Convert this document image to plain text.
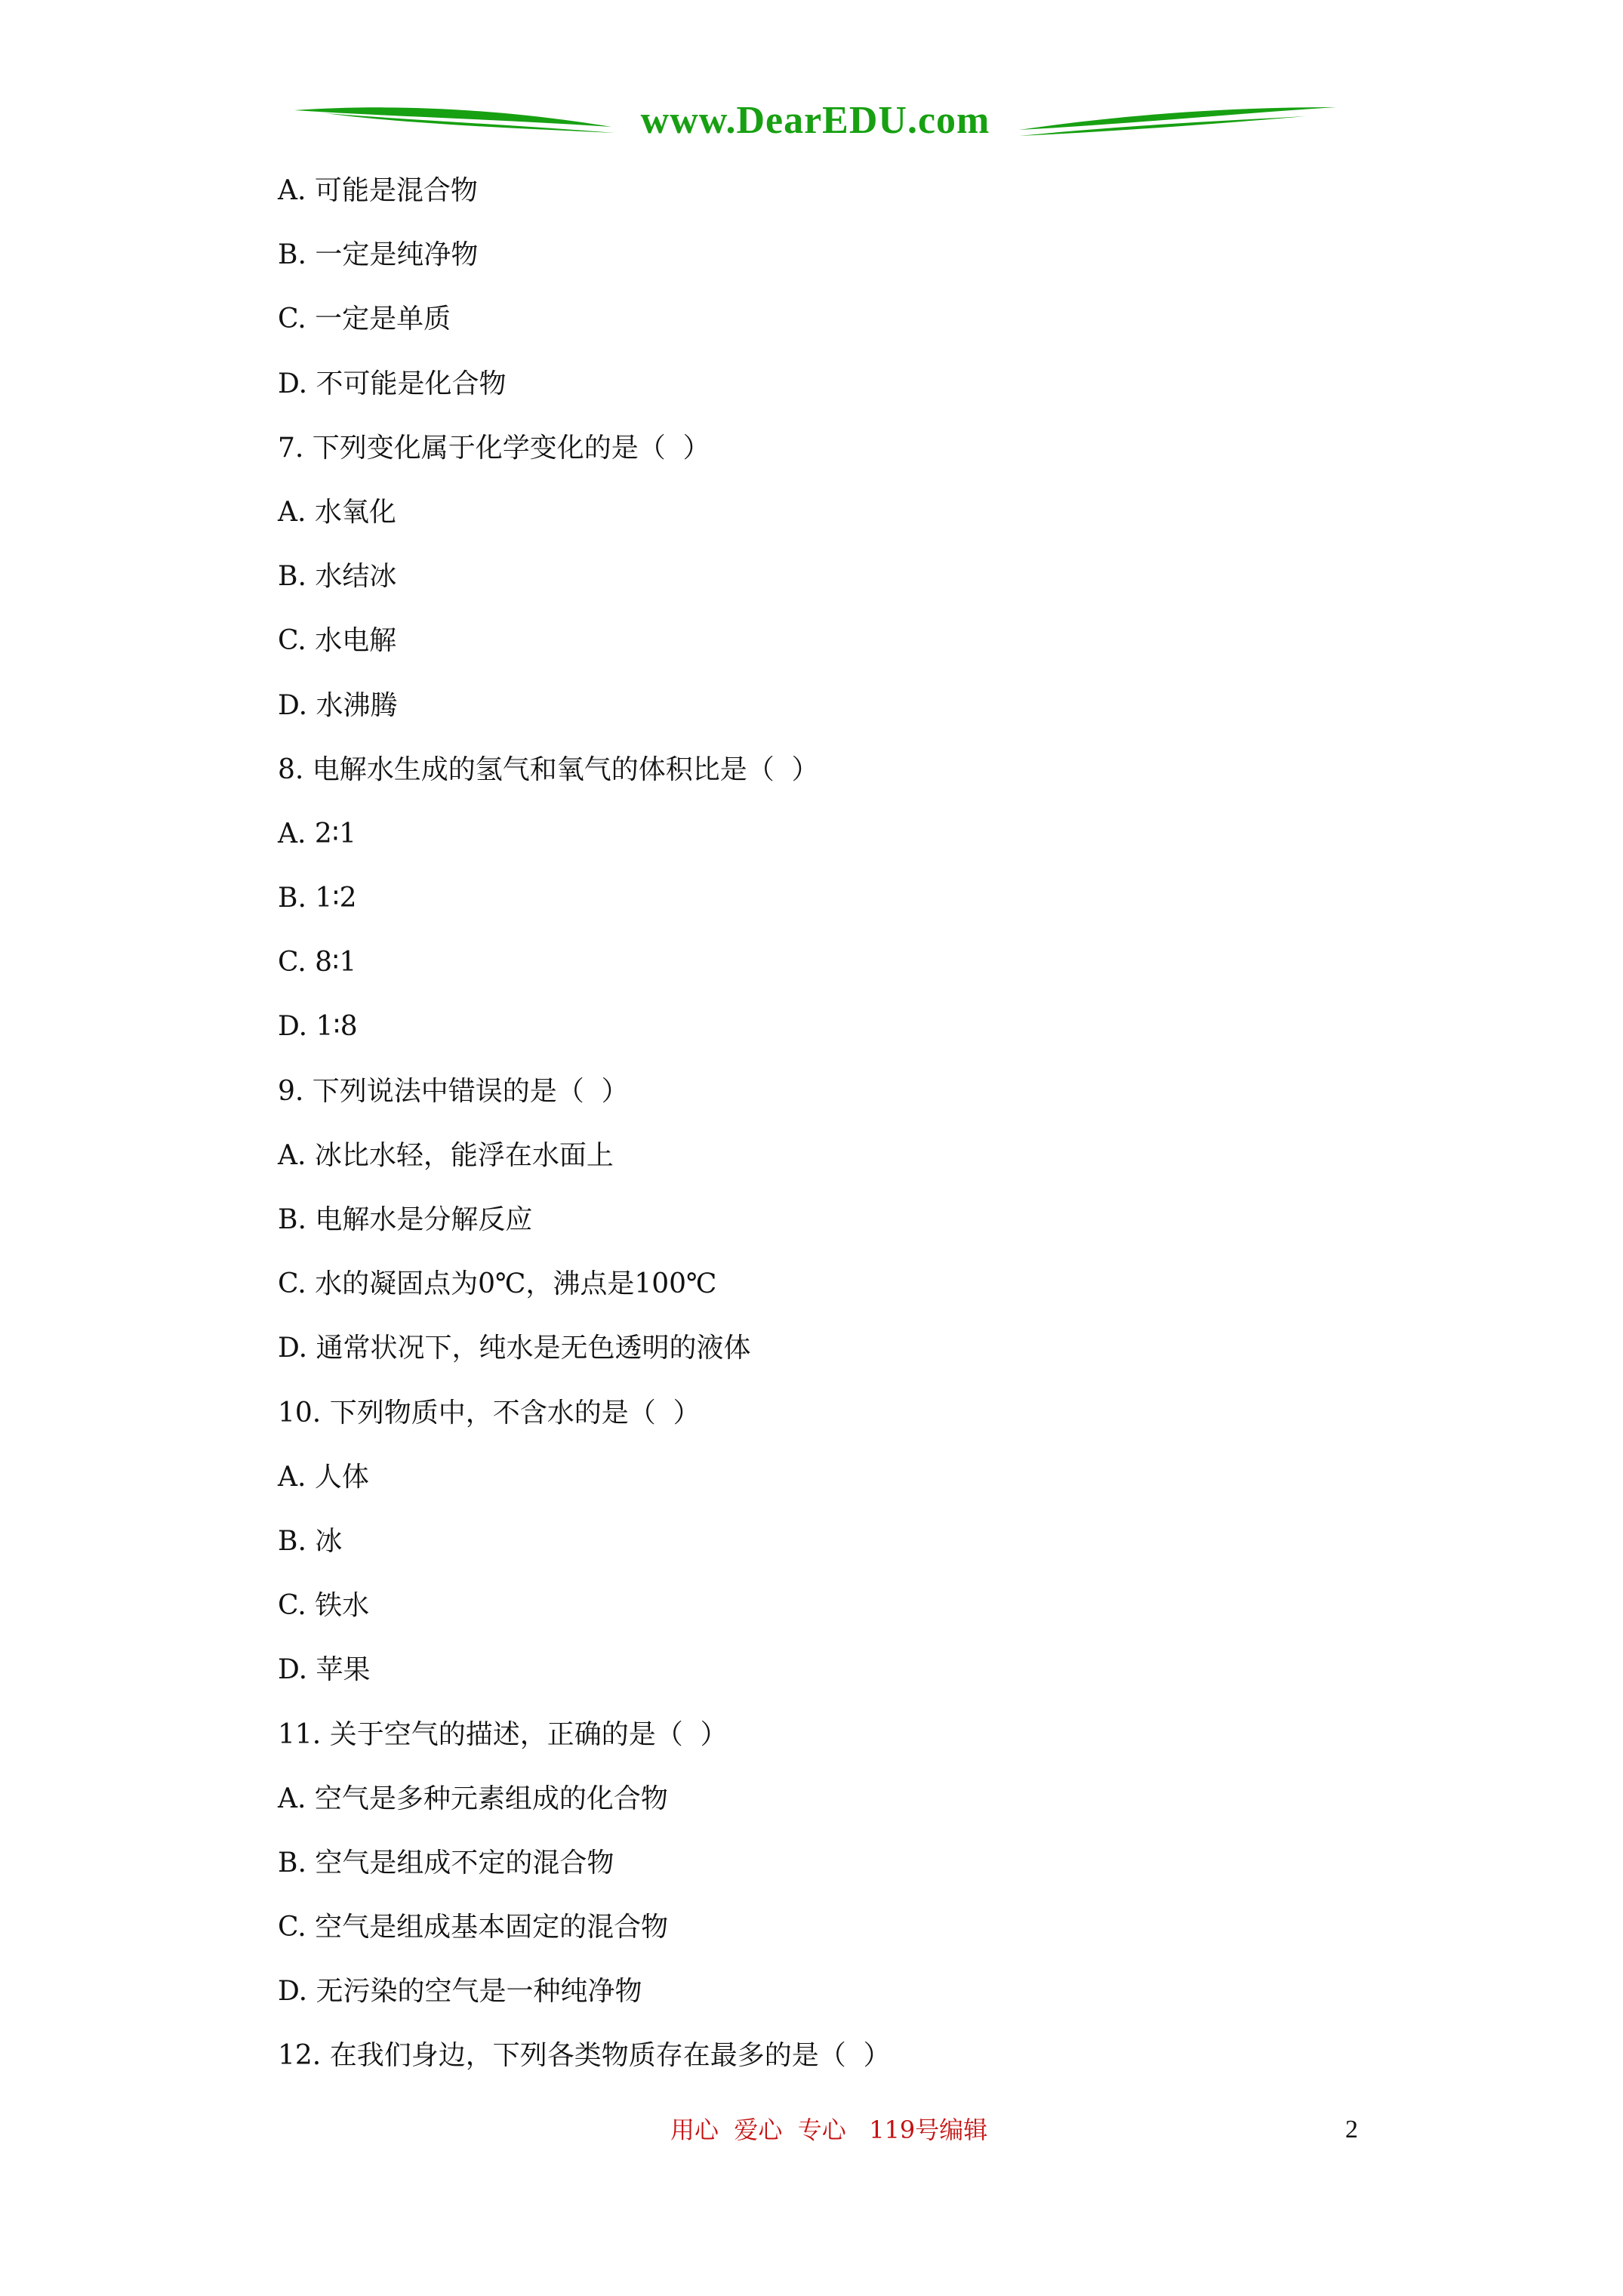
www.DearEDU.com
A. 可能是混合物
B. 一定是纯净物
C. 一定是单质
D. 不可能是化合物
7. 下列变化属于化学变化的是（  ）
A. 水氧化
B. 水结冰
C. 水电解
D. 水沸腾
8. 电解水生成的氢气和氧气的体积比是（  ）
A. 2∶1
B. 1∶2
C. 8∶1
D. 1∶8
9. 下列说法中错误的是（  ）
A. 冰比水轻，能浮在水面上
B. 电解水是分解反应
C. 水的凝固点为0℃，沸点是100℃
D. 通常状况下，纯水是无色透明的液体
10. 下列物质中，不含水的是（  ）
A. 人体
B. 冰
C. 铁水
D. 苹果
11. 关于空气的描述，正确的是（  ）
A. 空气是多种元素组成的化合物
B. 空气是组成不定的混合物
C. 空气是组成基本固定的混合物
D. 无污染的空气是一种纯净物
12. 在我们身边，下列各类物质存在最多的是（  ）
用心  爱心  专心   119号编辑	2
